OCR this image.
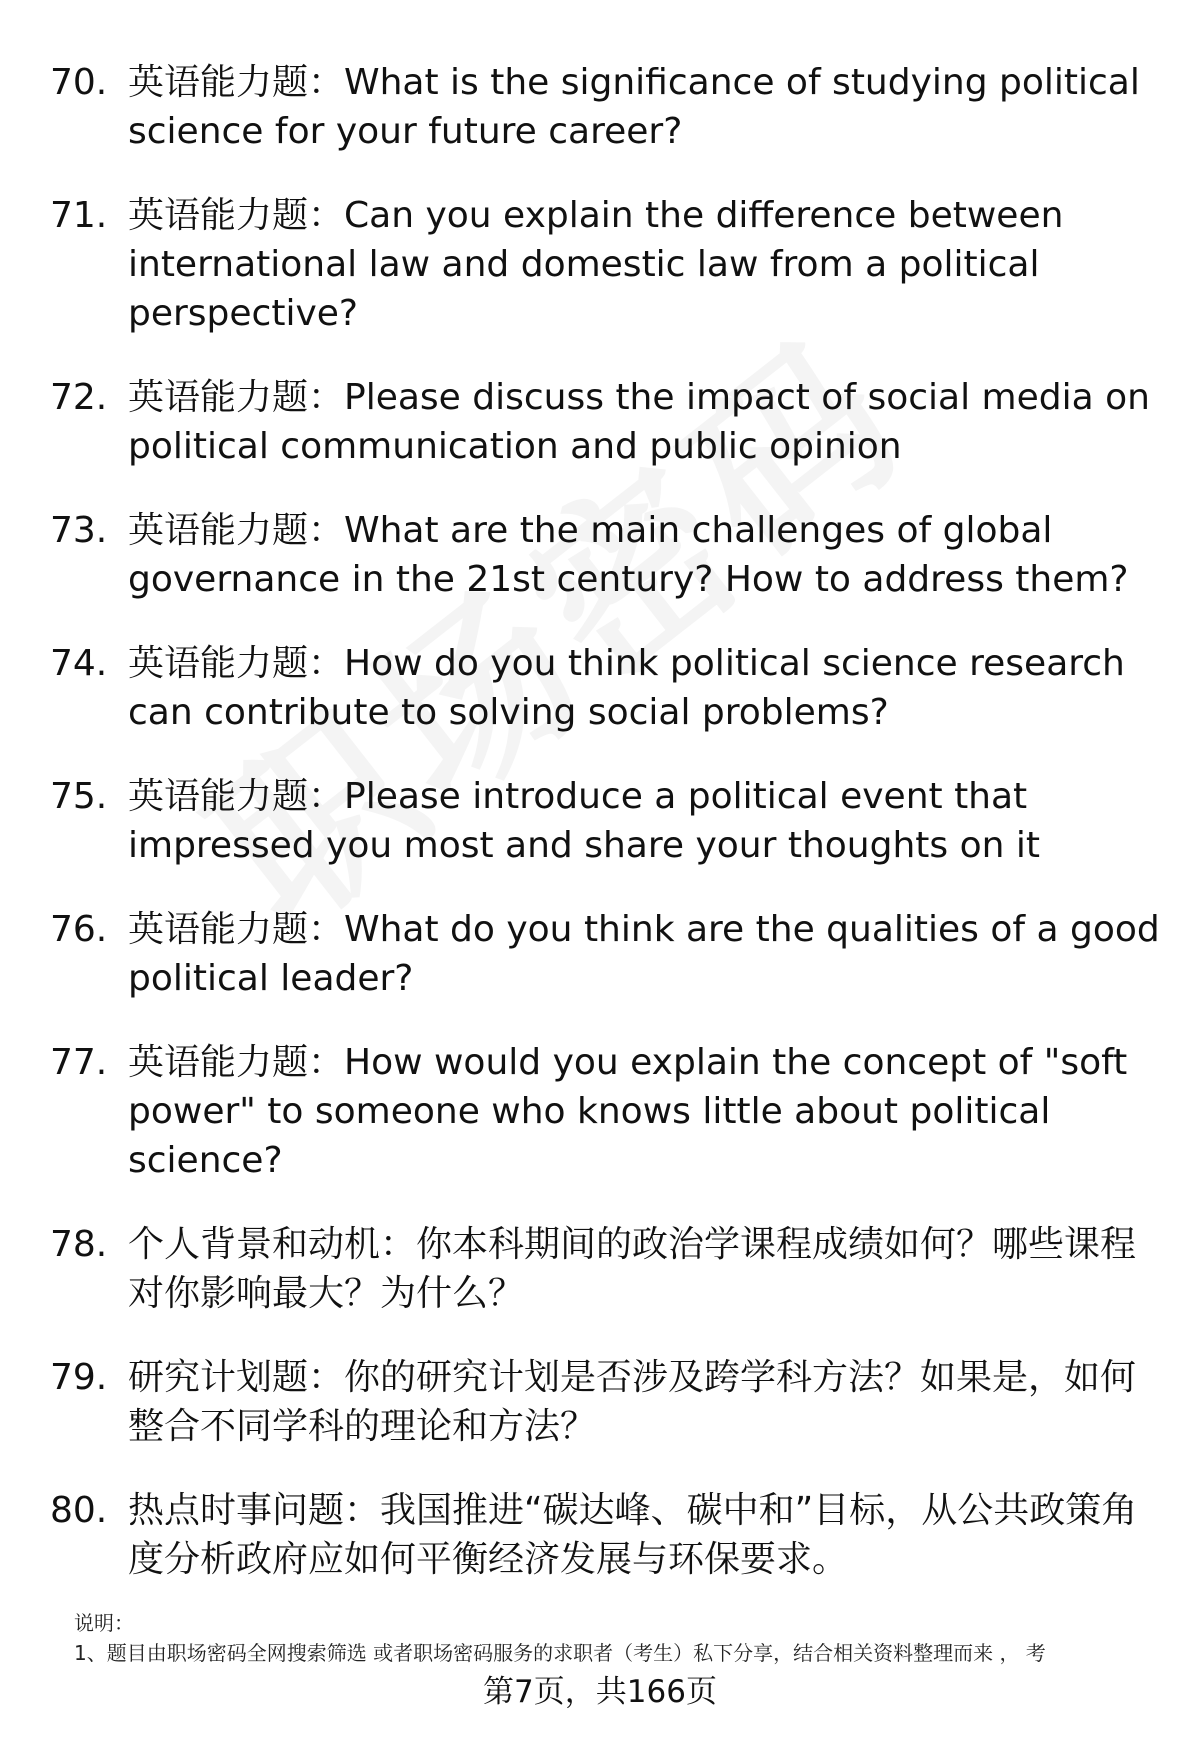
70. 英语能力题：What is the significance of studying political science for your future career?
71. 英语能力题：Can you explain the difference between international law and domestic law from a political perspective?
72. 英语能力题：Please discuss the impact of social media on political communication and public opinion
73. 英语能力题：What are the main challenges of global governance in the 21st century? How to address them?
74. 英语能力题：How do you think political science research can contribute to solving social problems?
75. 英语能力题：Please introduce a political event that impressed you most and share your thoughts on it
76. 英语能力题：What do you think are the qualities of a good political leader?
77. 英语能力题：How would you explain the concept of "soft power" to someone who knows little about political science?
78. 个人背景和动机：你本科期间的政治学课程成绩如何？哪些课程对你影响最大？为什么？
79. 研究计划题：你的研究计划是否涉及跨学科方法？如果是，如何整合不同学科的理论和方法？
80. 热点时事问题：我国推进“碳达峰、碳中和”目标，从公共政策角度分析政府应如何平衡经济发展与环保要求。
说明：
1、题目由职场密码全网搜索筛选 或者职场密码服务的求职者（考生）私下分享，结合相关资料整理而来 ， 考
第7页，共166页
